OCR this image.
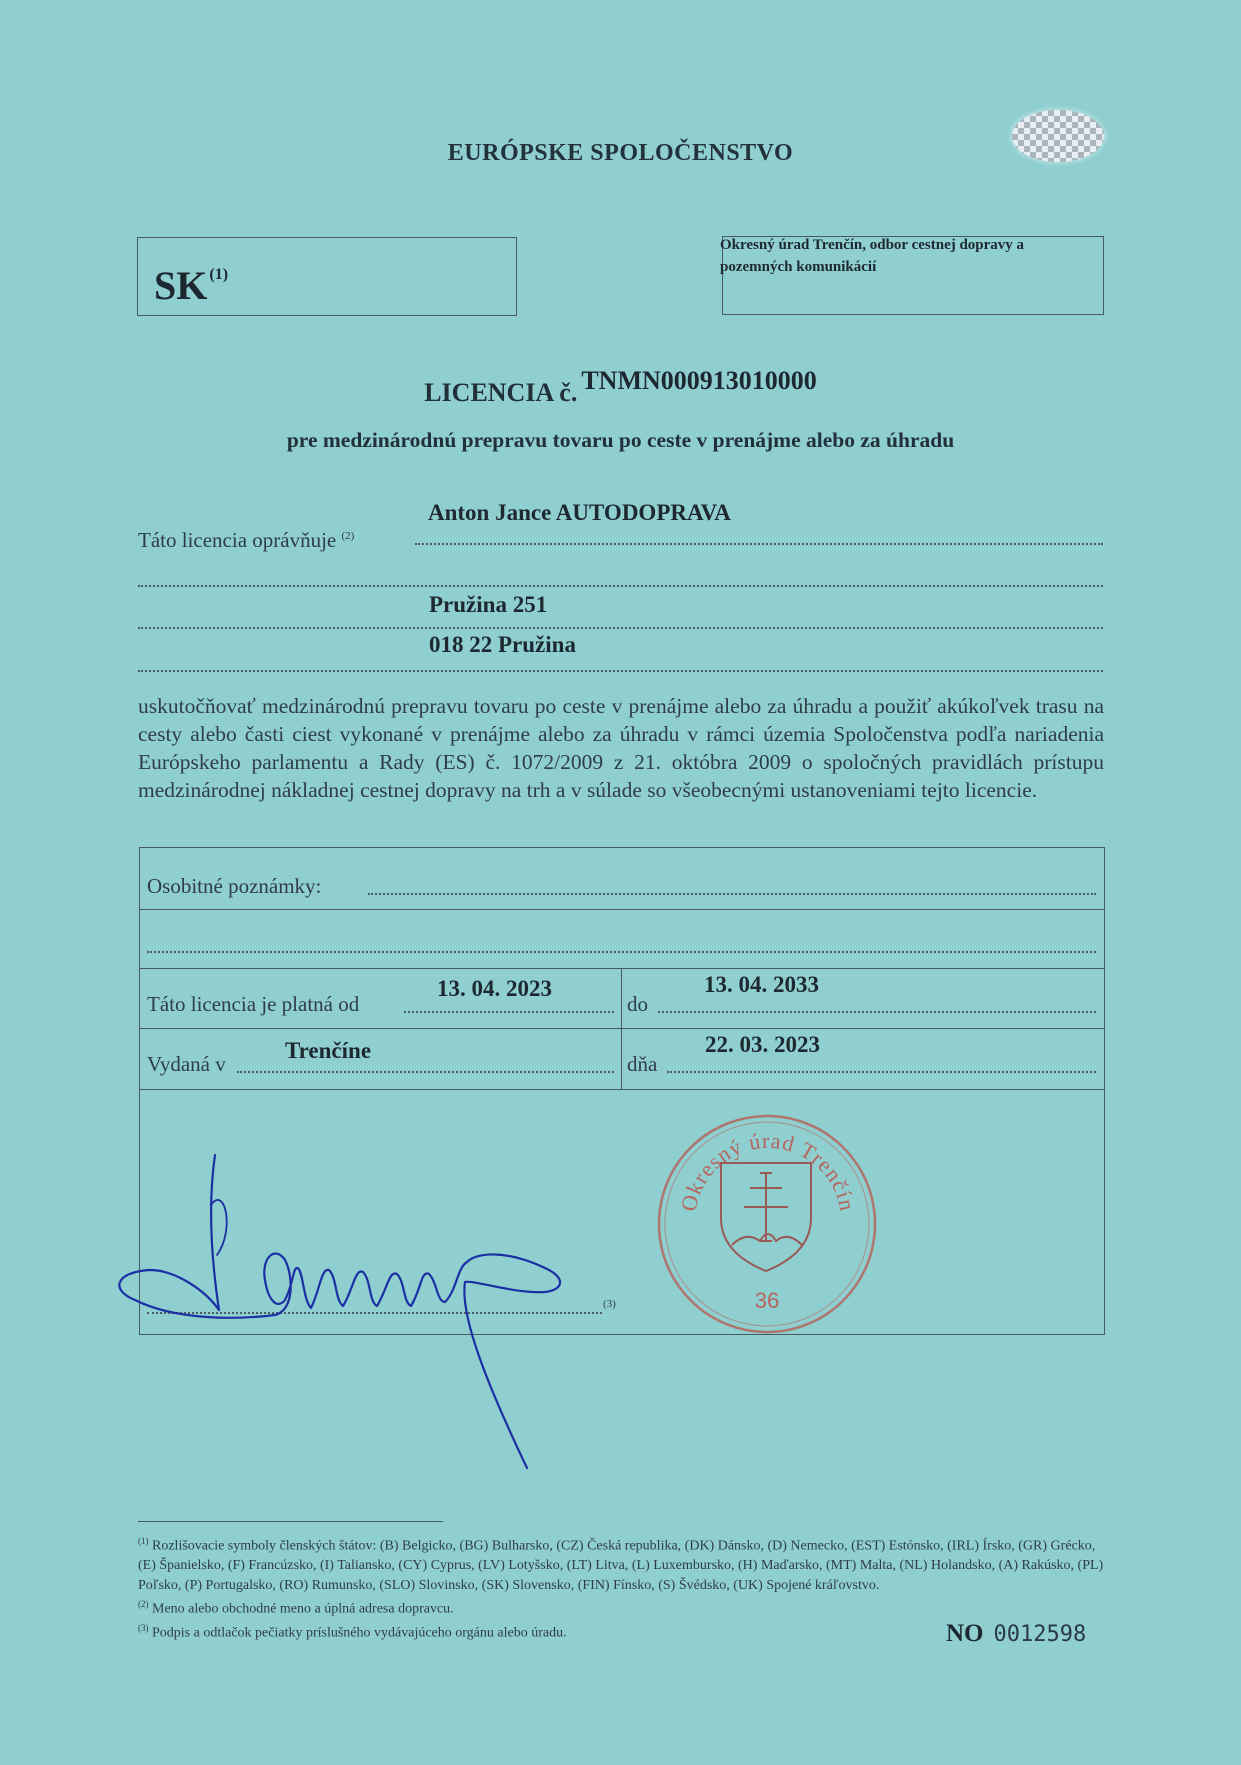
EURÓPSKE SPOLOČENSTVO
SK $^{(1)}$
Okresný úrad Trenčín, odbor cestnej dopravy a pozemných komunikácií
LICENCIA č. TNMN000913010000
pre medzinárodnú prepravu tovaru po ceste v prenájme alebo za úhradu
Táto licencia oprávňuje $^{(2)}$
Anton Jance AUTODOPRAVA
Pružina 251
018 22 Pružina
uskutočňovať medzinárodnú prepravu tovaru po ceste v prenájme alebo za úhradu a použiť akúkoľvek trasu na cesty alebo časti ciest vykonané v prenájme alebo za úhradu v rámci územia Spoločenstva podľa nariadenia Európskeho parlamentu a Rady (ES) č. 1072/2009 z 21. októbra 2009 o spoločných pravidlách prístupu medzinárodnej nákladnej cestnej dopravy na trh a v súlade so všeobecnými ustanoveniami tejto licencie.
Osobitné poznámky:
Táto licencia je platná od
13. 04. 2023
do
13. 04. 2033
Vydaná v
Trenčíne
dňa
22. 03. 2023
(3)
Okresný úrad Trenčín
36

$^{(1)}$ Rozlišovacie symboly členských štátov: (B) Belgicko, (BG) Bulharsko, (CZ) Česká republika, (DK) Dánsko, (D) Nemecko, (EST) Estónsko, (IRL) Írsko, (GR) Grécko, (E) Španielsko, (F) Francúzsko, (I) Taliansko, (CY) Cyprus, (LV) Lotyšsko, (LT) Litva, (L) Luxembursko, (H) Maďarsko, (MT) Malta, (NL) Holandsko, (A) Rakúsko, (PL) Poľsko, (P) Portugalsko, (RO) Rumunsko, (SLO) Slovinsko, (SK) Slovensko, (FIN) Fínsko, (S) Švédsko, (UK) Spojené kráľovstvo.

$^{(2)}$ Meno alebo obchodné meno a úplná adresa dopravcu.

$^{(3)}$ Podpis a odtlačok pečiatky príslušného vydávajúceho orgánu alebo úradu.	NO 0012598
